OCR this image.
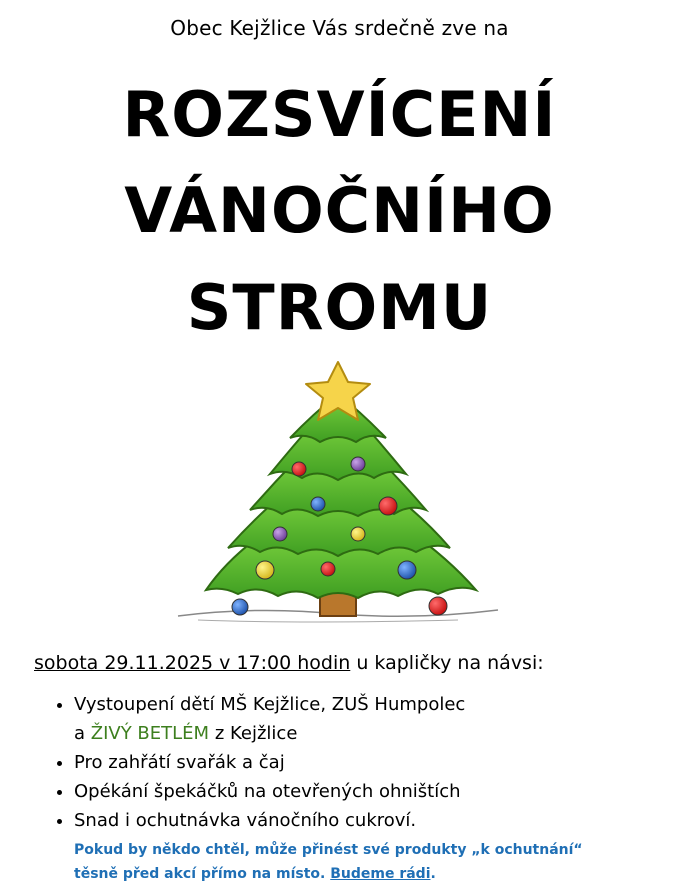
Obec Kejžlice Vás srdečně zve na
ROZSVÍCENÍ
VÁNOČNÍHO
STROMU
sobota 29.11.2025 v 17:00 hodin u kapličky na návsi:
• Vystoupení dětí MŠ Kejžlice, ZUŠ Humpolec
a ŽIVÝ BETLÉM z Kejžlice
• Pro zahřátí svařák a čaj
• Opékání špekáčků na otevřených ohništích
• Snad i ochutnávka vánočního cukroví.
Pokud by někdo chtěl, může přinést své produkty „k ochutnání“
těsně před akcí přímo na místo. Budeme rádi.
